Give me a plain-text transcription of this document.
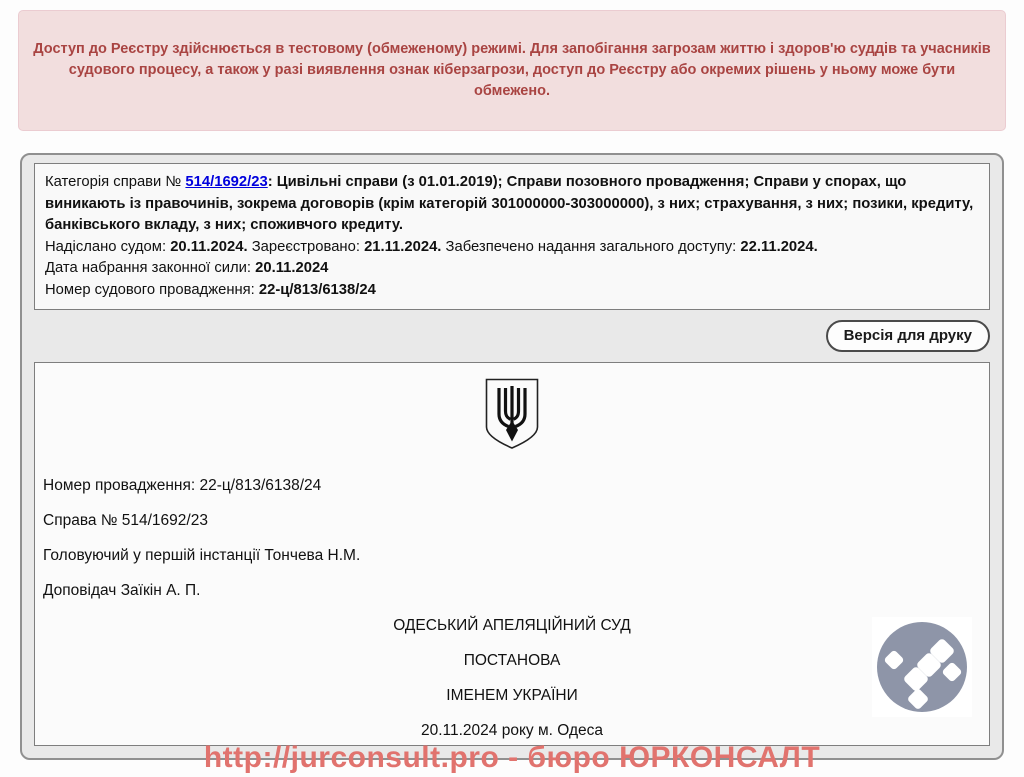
Доступ до Реєстру здійснюється в тестовому (обмеженому) режимі. Для запобігання загрозам життю і здоров'ю суддів та учасників судового процесу, а також у разі виявлення ознак кіберзагрози, доступ до Реєстру або окремих рішень у ньому може бути обмежено.

Категорія справи № 514/1692/23: Цивільні справи (з 01.01.2019); Справи позовного провадження; Справи у спорах, що виникають із правочинів, зокрема договорів (крім категорій 301000000-303000000), з них; страхування, з них; позики, кредиту, банківського вкладу, з них; споживчого кредиту.

Надіслано судом: 20.11.2024. Зареєстровано: 21.11.2024. Забезпечено надання загального доступу: 22.11.2024.

Дата набрання законної сили: 20.11.2024

Номер судового провадження: 22-ц/813/6138/24

Версія для друку

Номер провадження: 22-ц/813/6138/24

Справа № 514/1692/23

Головуючий у першій інстанції Тончева Н.М.

Доповідач Заїкін А. П.

ОДЕСЬКИЙ АПЕЛЯЦІЙНИЙ СУД

ПОСТАНОВА

ІМЕНЕМ УКРАЇНИ

20.11.2024 року м. Одеса

http://jurconsult.pro - бюро ЮРКОНСАЛТ
